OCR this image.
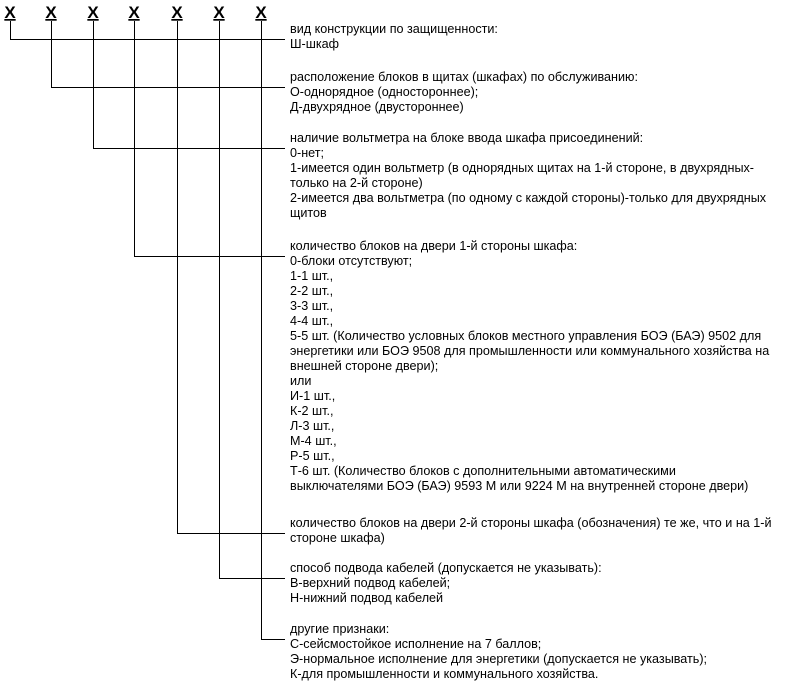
X X X X X X X
вид конструкции по защищенности:
Ш-шкаф
расположение блоков в щитах (шкафах) по обслуживанию:
О-однорядное (одностороннее);
Д-двухрядное (двустороннее)
наличие вольтметра на блоке ввода шкафа присоединений:
0-нет;
1-имеется один вольтметр (в однорядных щитах на 1-й стороне, в двухрядных-
только на 2-й стороне)
2-имеется два вольтметра (по одному с каждой стороны)-только для двухрядных
щитов
количество блоков на двери 1-й стороны шкафа:
0-блоки отсутствуют;
1-1 шт.,
2-2 шт.,
3-3 шт.,
4-4 шт.,
5-5 шт. (Количество условных блоков местного управления БОЭ (БАЭ) 9502 для
энергетики или БОЭ 9508 для промышленности или коммунального хозяйства на
внешней стороне двери);
или
И-1 шт.,
К-2 шт.,
Л-3 шт.,
М-4 шт.,
Р-5 шт.,
Т-6 шт. (Количество блоков с дополнительными автоматическими
выключателями БОЭ (БАЭ) 9593 М или 9224 М на внутренней стороне двери)
количество блоков на двери 2-й стороны шкафа (обозначения) те же, что и на 1-й
стороне шкафа)
способ подвода кабелей (допускается не указывать):
В-верхний подвод кабелей;
Н-нижний подвод кабелей
другие признаки:
С-сейсмостойкое исполнение на 7 баллов;
Э-нормальное исполнение для энергетики (допускается не указывать);
К-для промышленности и коммунального хозяйства.
